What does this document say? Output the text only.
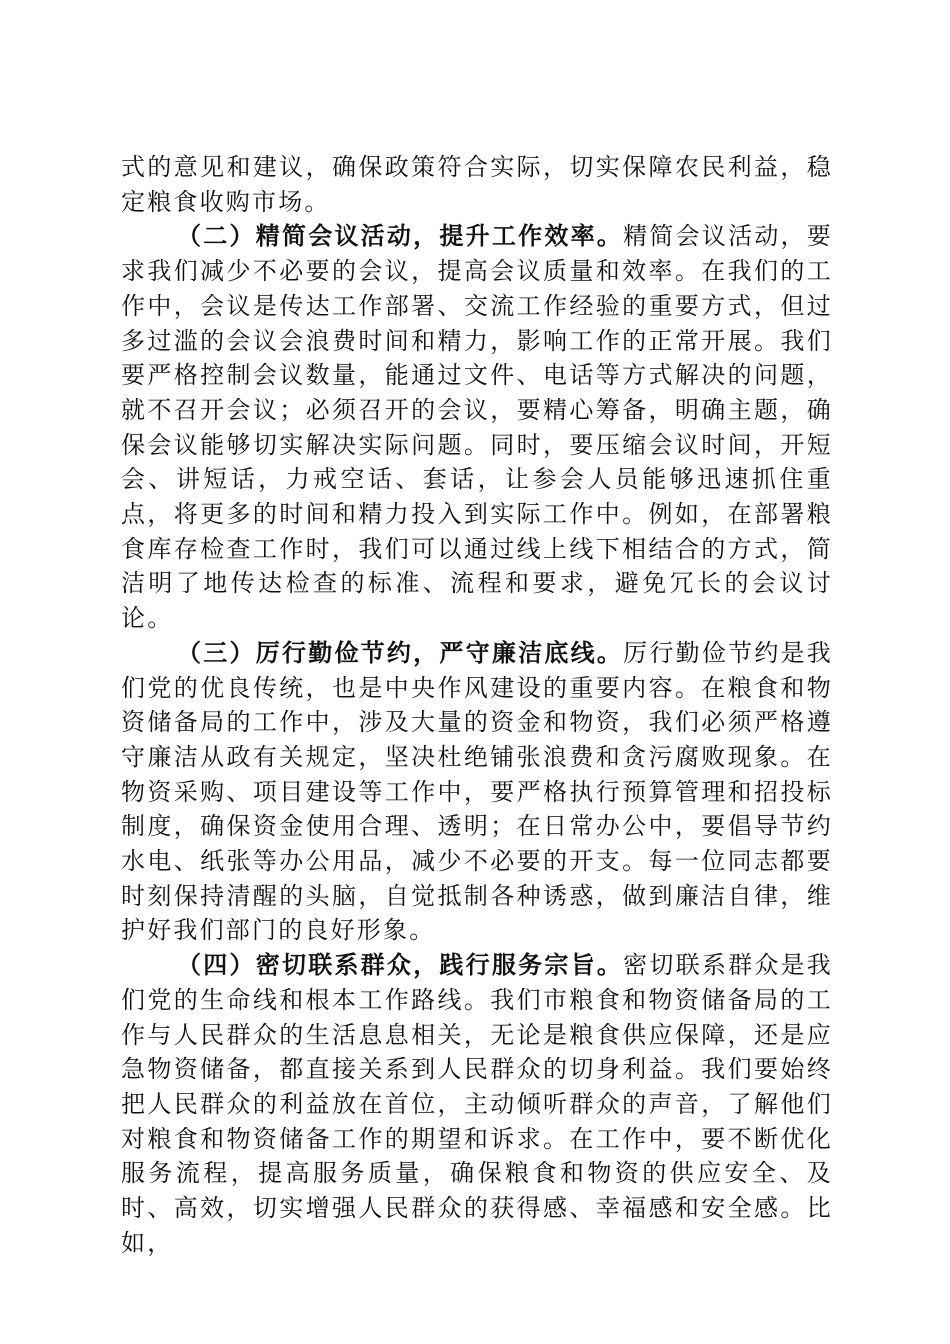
式的意见和建议，确保政策符合实际，切实保障农民利益，稳定粮食收购市场。

（二）精简会议活动，提升工作效率。精简会议活动，要求我们减少不必要的会议，提高会议质量和效率。在我们的工作中，会议是传达工作部署、交流工作经验的重要方式，但过多过滥的会议会浪费时间和精力，影响工作的正常开展。我们要严格控制会议数量，能通过文件、电话等方式解决的问题，就不召开会议；必须召开的会议，要精心筹备，明确主题，确保会议能够切实解决实际问题。同时，要压缩会议时间，开短会、讲短话，力戒空话、套话，让参会人员能够迅速抓住重点，将更多的时间和精力投入到实际工作中。例如，在部署粮食库存检查工作时，我们可以通过线上线下相结合的方式，简洁明了地传达检查的标准、流程和要求，避免冗长的会议讨论。

（三）厉行勤俭节约，严守廉洁底线。厉行勤俭节约是我们党的优良传统，也是中央作风建设的重要内容。在粮食和物资储备局的工作中，涉及大量的资金和物资，我们必须严格遵守廉洁从政有关规定，坚决杜绝铺张浪费和贪污腐败现象。在物资采购、项目建设等工作中，要严格执行预算管理和招投标制度，确保资金使用合理、透明；在日常办公中，要倡导节约水电、纸张等办公用品，减少不必要的开支。每一位同志都要时刻保持清醒的头脑，自觉抵制各种诱惑，做到廉洁自律，维护好我们部门的良好形象。

（四）密切联系群众，践行服务宗旨。密切联系群众是我们党的生命线和根本工作路线。我们市粮食和物资储备局的工作与人民群众的生活息息相关，无论是粮食供应保障，还是应急物资储备，都直接关系到人民群众的切身利益。我们要始终把人民群众的利益放在首位，主动倾听群众的声音，了解他们对粮食和物资储备工作的期望和诉求。在工作中，要不断优化服务流程，提高服务质量，确保粮食和物资的供应安全、及时、高效，切实增强人民群众的获得感、幸福感和安全感。比如，
